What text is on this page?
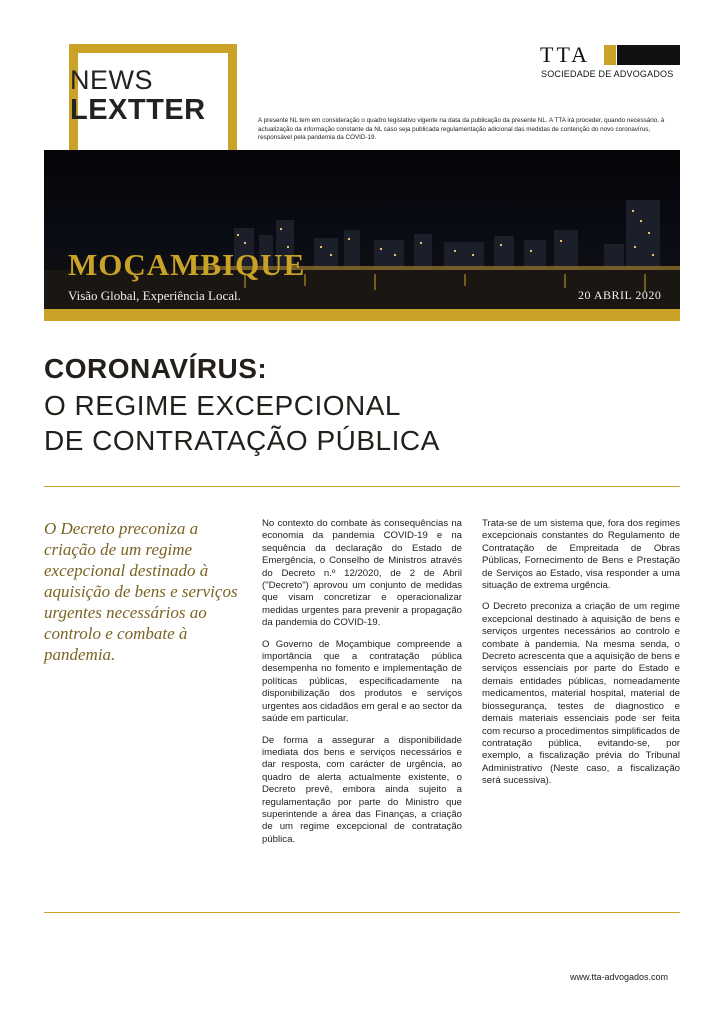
NEWS
LEXTTER
TTA
SOCIEDADE DE ADVOGADOS
A presente NL tem em consideração o quadro legislativo vigente na data da publicação da presente NL. A TTA irá proceder, quando necessário, à actualização da informação constante da NL caso seja publicada regulamentação adicional das medidas de contenção do novo coronavírus, responsável pela pandemia da COVID-19.
MOÇAMBIQUE
Visão Global, Experiência Local.	20 ABRIL 2020
CORONAVÍRUS:
O REGIME EXCEPCIONAL
DE CONTRATAÇÃO PÚBLICA
O Decreto preconiza a criação de um regime excepcional destinado à aquisição de bens e serviços urgentes necessários ao controlo e combate à pandemia.

No contexto do combate às consequências na economia da pandemia COVID-19 e na sequência da declaração do Estado de Emergência, o Conselho de Ministros através do Decreto n.º 12/2020, de 2 de Abril ("Decreto") aprovou um conjunto de medidas que visam concretizar e operacionalizar medidas urgentes para prevenir a propagação da pandemia do COVID-19.

O Governo de Moçambique compreende a importância que a contratação pública desempenha no fomento e implementação de políticas públicas, especificadamente na disponibilização dos produtos e serviços urgentes aos cidadãos em geral e ao sector da saúde em particular.

De forma a assegurar a disponibilidade imediata dos bens e serviços necessários e dar resposta, com carácter de urgência, ao quadro de alerta actualmente existente, o Decreto prevê, embora ainda sujeito a regulamentação por parte do Ministro que superintende a área das Finanças, a criação de um regime excepcional de contratação pública.

Trata-se de um sistema que, fora dos regimes excepcionais constantes do Regulamento de Contratação de Empreitada de Obras Públicas, Fornecimento de Bens e Prestação de Serviços ao Estado, visa responder a uma situação de extrema urgência.

O Decreto preconiza a criação de um regime excepcional destinado à aquisição de bens e serviços urgentes necessários ao controlo e combate à pandemia. Na mesma senda, o Decreto acrescenta que a aquisição de bens e serviços essenciais por parte do Estado e demais entidades públicas, nomeadamente medicamentos, material hospital, material de biossegurança, testes de diagnostico e demais materiais essenciais pode ser feita com recurso a procedimentos simplificados de contratação pública, evitando-se, por exemplo, a fiscalização prévia do Tribunal Administrativo (Neste caso, a fiscalização será sucessiva).

www.tta-advogados.com
